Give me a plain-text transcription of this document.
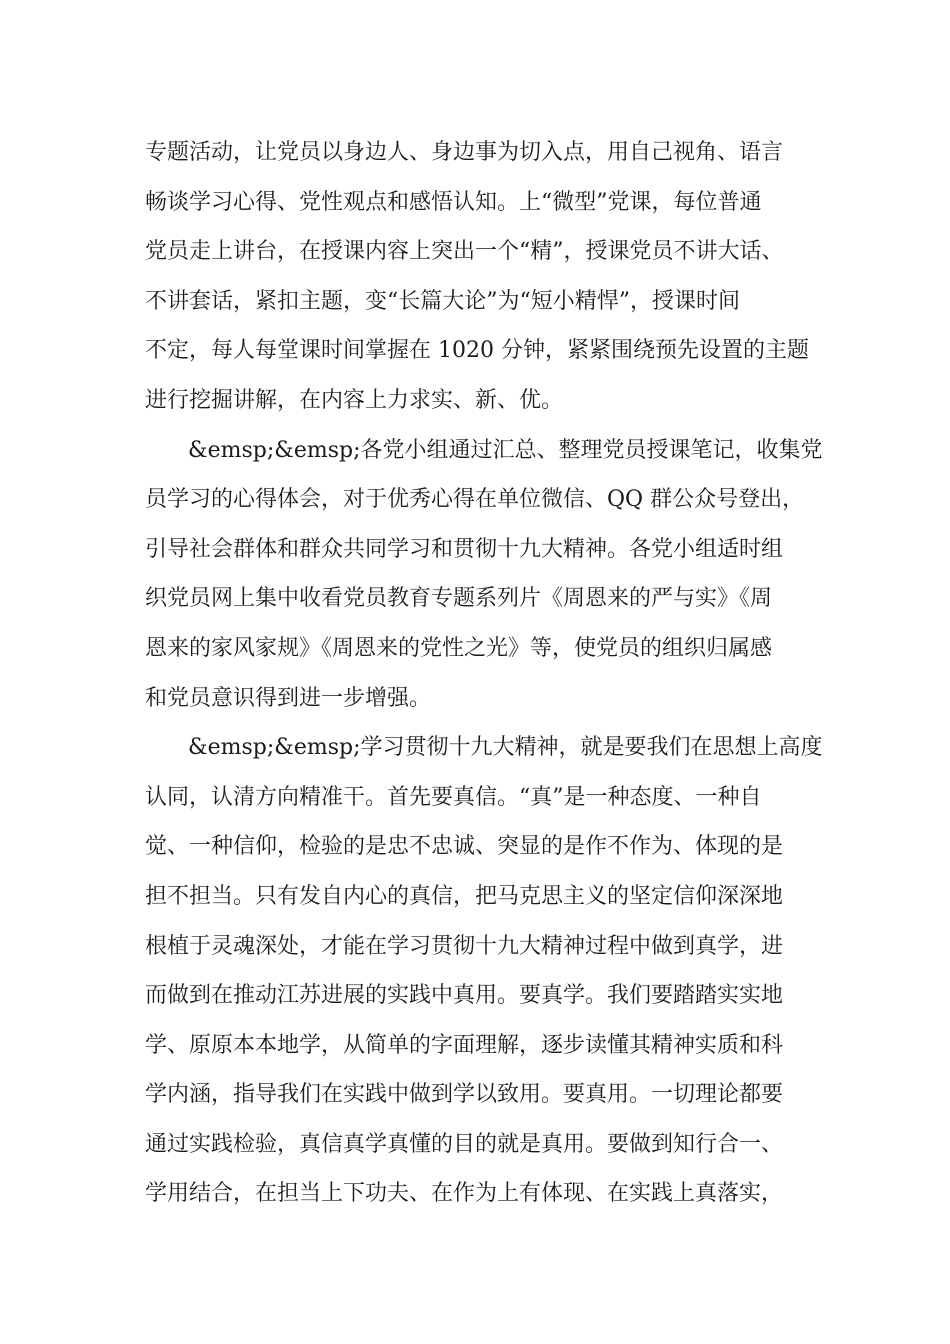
专题活动，让党员以身边人、身边事为切入点，用自己视角、语言
畅谈学习心得、党性观点和感悟认知。上“微型”党课，每位普通
党员走上讲台，在授课内容上突出一个“精”，授课党员不讲大话、
不讲套话，紧扣主题，变“长篇大论”为“短小精悍”，授课时间
不定，每人每堂课时间掌握在 1020 分钟，紧紧围绕预先设置的主题
进行挖掘讲解，在内容上力求实、新、优。
&emsp;&emsp;各党小组通过汇总、整理党员授课笔记，收集党
员学习的心得体会，对于优秀心得在单位微信、QQ 群公众号登出，
引导社会群体和群众共同学习和贯彻十九大精神。各党小组适时组
织党员网上集中收看党员教育专题系列片《周恩来的严与实》《周
恩来的家风家规》《周恩来的党性之光》等，使党员的组织归属感
和党员意识得到进一步增强。
&emsp;&emsp;学习贯彻十九大精神，就是要我们在思想上高度
认同，认清方向精准干。首先要真信。“真”是一种态度、一种自
觉、一种信仰，检验的是忠不忠诚、突显的是作不作为、体现的是
担不担当。只有发自内心的真信，把马克思主义的坚定信仰深深地
根植于灵魂深处，才能在学习贯彻十九大精神过程中做到真学，进
而做到在推动江苏进展的实践中真用。要真学。我们要踏踏实实地
学、原原本本地学，从简单的字面理解，逐步读懂其精神实质和科
学内涵，指导我们在实践中做到学以致用。要真用。一切理论都要
通过实践检验，真信真学真懂的目的就是真用。要做到知行合一、
学用结合，在担当上下功夫、在作为上有体现、在实践上真落实，
